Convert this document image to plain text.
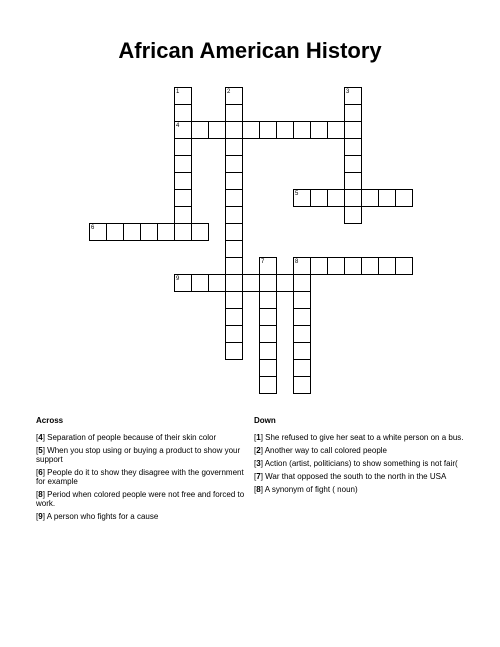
African American History
1	2	3
4
5
6
7	8
9
Across	Down
[4] Separation of people because of their skin color
[5] When you stop using or buying a product to show your support
[6] People do it to show they disagree with the government for example
[8] Period when colored people were not free and forced to work.
[9] A person who fights for a cause
[1] She refused to give her seat to a white person on a bus.
[2] Another way to call colored people
[3] Action (artist, politicians) to show something is not fair(
[7] War that opposed the south to the north in the USA
[8] A synonym of fight ( noun)
